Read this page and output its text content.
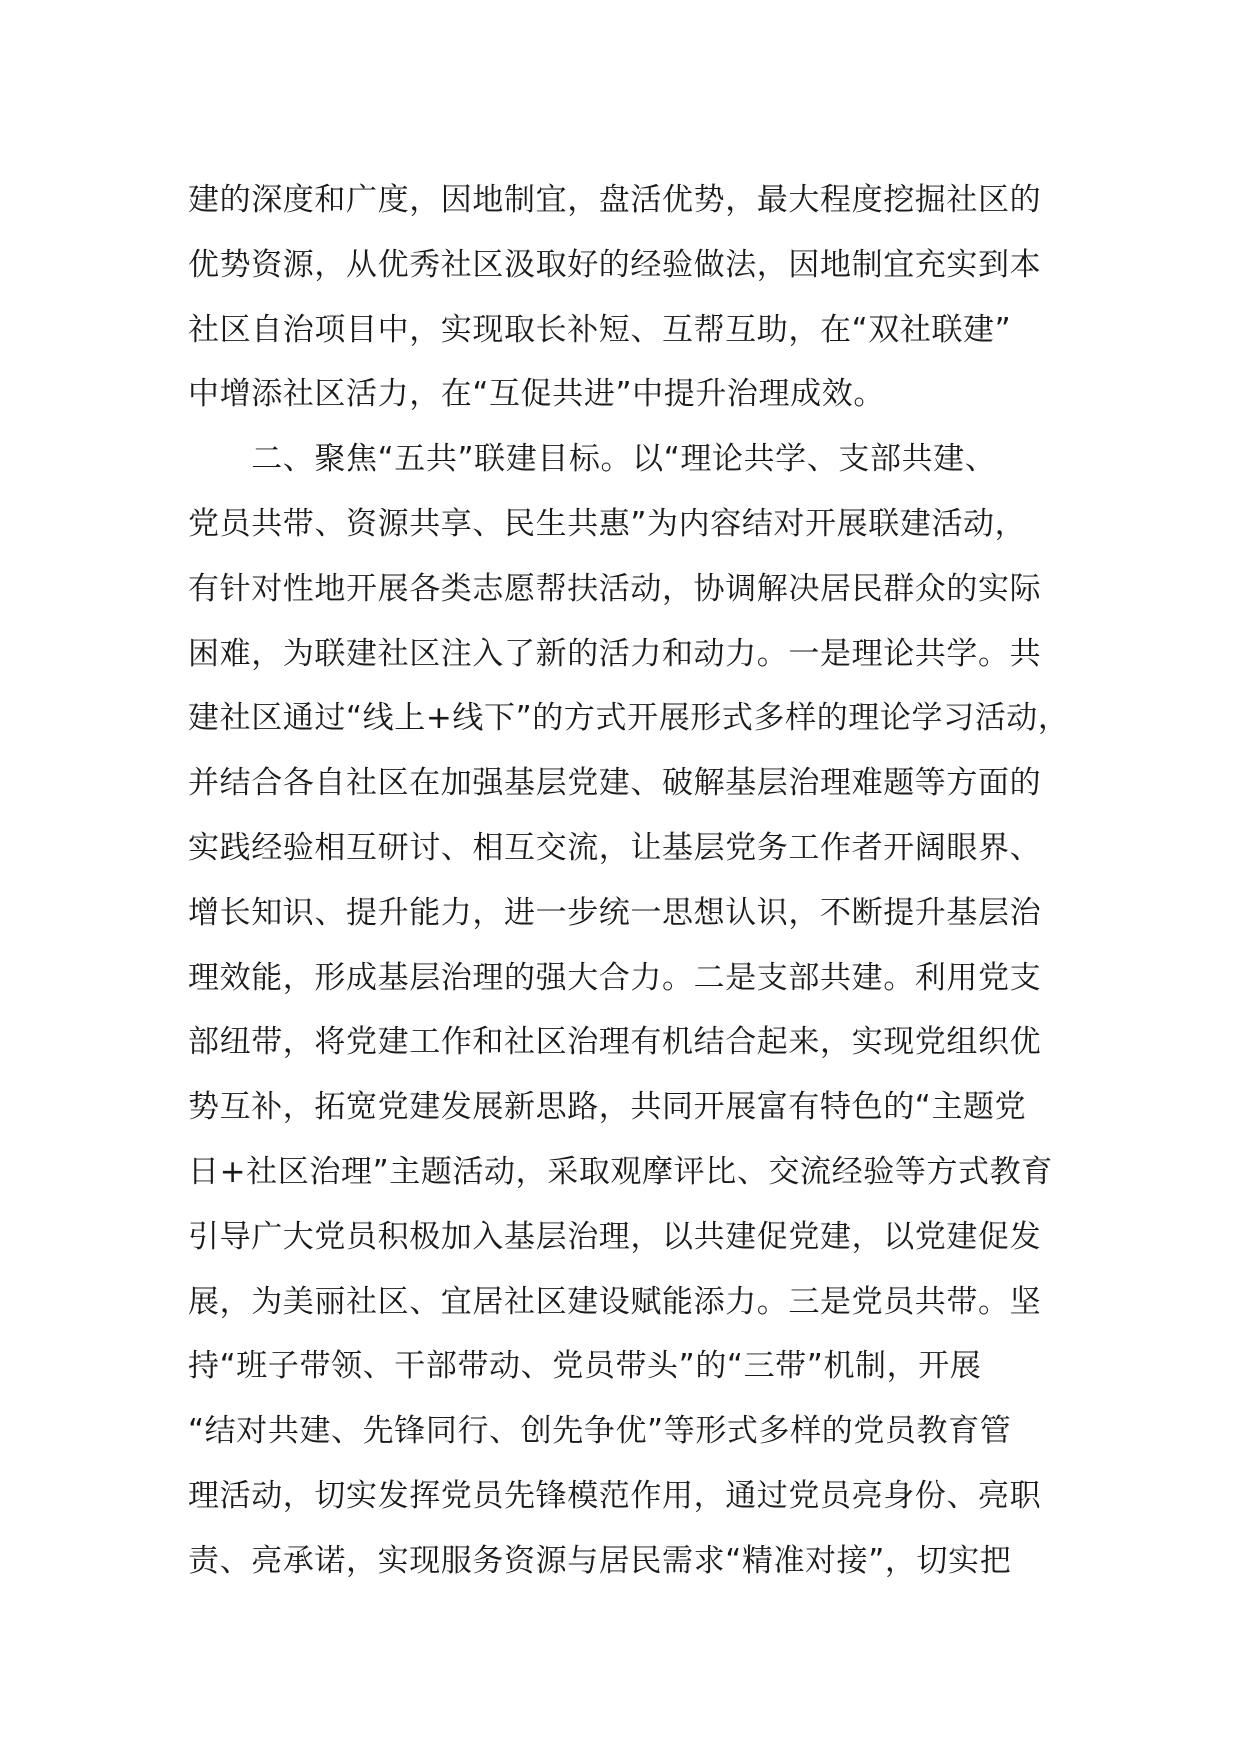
建的深度和广度，因地制宜，盘活优势，最大程度挖掘社区的
优势资源，从优秀社区汲取好的经验做法，因地制宜充实到本
社区自治项目中，实现取长补短、互帮互助，在“双社联建”
中增添社区活力，在“互促共进”中提升治理成效。
　　二、聚焦“五共”联建目标。以“理论共学、支部共建、
党员共带、资源共享、民生共惠”为内容结对开展联建活动，
有针对性地开展各类志愿帮扶活动，协调解决居民群众的实际
困难，为联建社区注入了新的活力和动力。一是理论共学。共
建社区通过“线上+线下”的方式开展形式多样的理论学习活动，
并结合各自社区在加强基层党建、破解基层治理难题等方面的
实践经验相互研讨、相互交流，让基层党务工作者开阔眼界、
增长知识、提升能力，进一步统一思想认识，不断提升基层治
理效能，形成基层治理的强大合力。二是支部共建。利用党支
部纽带，将党建工作和社区治理有机结合起来，实现党组织优
势互补，拓宽党建发展新思路，共同开展富有特色的“主题党
日+社区治理”主题活动，采取观摩评比、交流经验等方式教育
引导广大党员积极加入基层治理，以共建促党建，以党建促发
展，为美丽社区、宜居社区建设赋能添力。三是党员共带。坚
持“班子带领、干部带动、党员带头”的“三带”机制，开展
“结对共建、先锋同行、创先争优”等形式多样的党员教育管
理活动，切实发挥党员先锋模范作用，通过党员亮身份、亮职
责、亮承诺，实现服务资源与居民需求“精准对接”，切实把
